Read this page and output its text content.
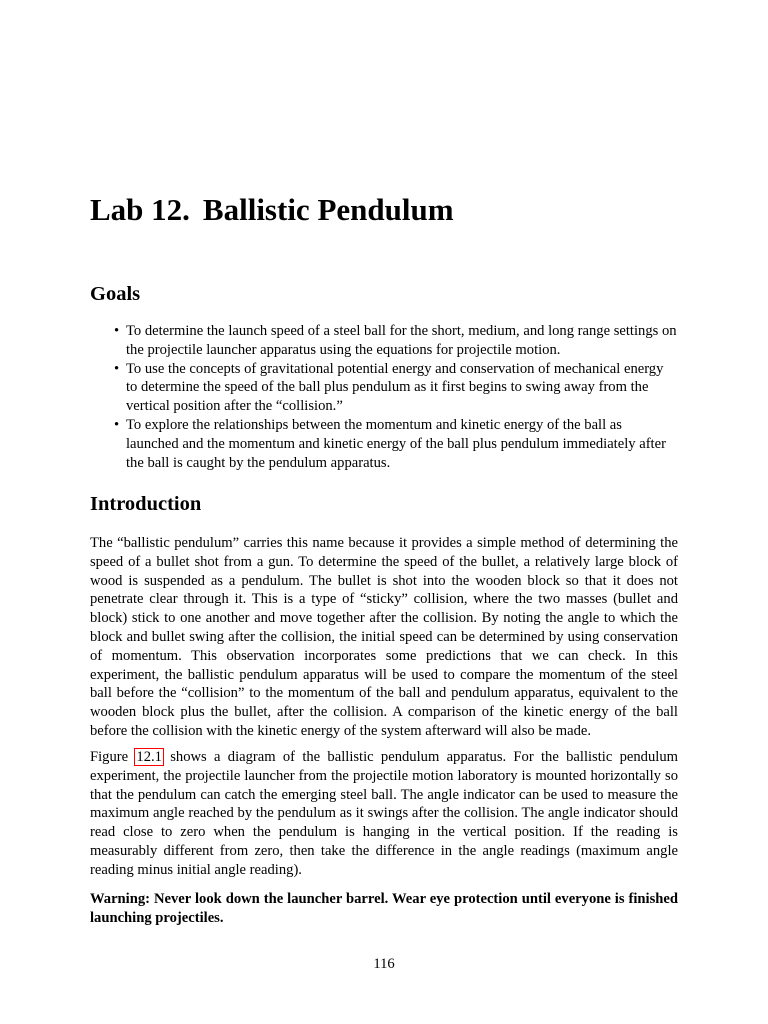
Lab 12. Ballistic Pendulum
Goals
• To determine the launch speed of a steel ball for the short, medium, and long range settings on the projectile launcher apparatus using the equations for projectile motion.
• To use the concepts of gravitational potential energy and conservation of mechanical energy to determine the speed of the ball plus pendulum as it first begins to swing away from the vertical position after the “collision.”
• To explore the relationships between the momentum and kinetic energy of the ball as launched and the momentum and kinetic energy of the ball plus pendulum immediately after the ball is caught by the pendulum apparatus.
Introduction

The “ballistic pendulum” carries this name because it provides a simple method of determining the speed of a bullet shot from a gun. To determine the speed of the bullet, a relatively large block of wood is suspended as a pendulum. The bullet is shot into the wooden block so that it does not penetrate clear through it. This is a type of “sticky” collision, where the two masses (bullet and block) stick to one another and move together after the collision. By noting the angle to which the block and bullet swing after the collision, the initial speed can be determined by using conservation of momentum. This observation incorporates some predictions that we can check. In this experiment, the ballistic pendulum apparatus will be used to compare the momentum of the steel ball before the “collision” to the momentum of the ball and pendulum apparatus, equivalent to the wooden block plus the bullet, after the collision. A comparison of the kinetic energy of the ball before the collision with the kinetic energy of the system afterward will also be made.

Figure 12.1 shows a diagram of the ballistic pendulum apparatus. For the ballistic pendulum experiment, the projectile launcher from the projectile motion laboratory is mounted horizontally so that the pendulum can catch the emerging steel ball. The angle indicator can be used to measure the maximum angle reached by the pendulum as it swings after the collision. The angle indicator should read close to zero when the pendulum is hanging in the vertical position. If the reading is measurably different from zero, then take the difference in the angle readings (maximum angle reading minus initial angle reading).

Warning: Never look down the launcher barrel. Wear eye protection until everyone is finished launching projectiles.

116
